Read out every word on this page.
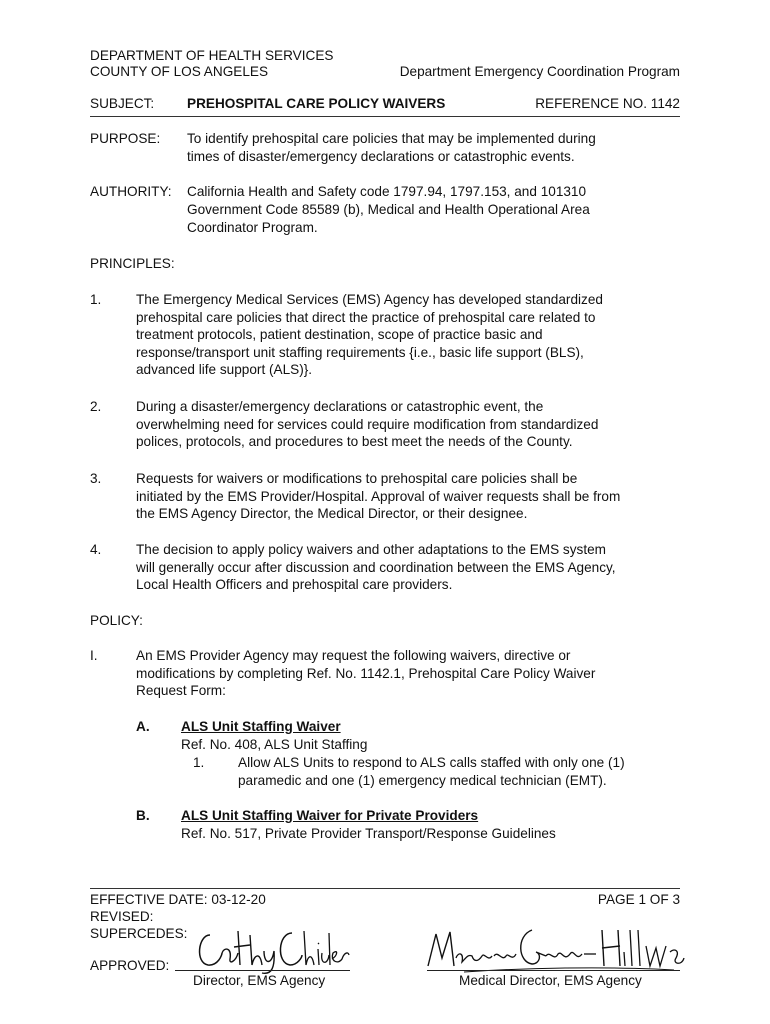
DEPARTMENT OF HEALTH SERVICES
COUNTY OF LOS ANGELES	Department Emergency Coordination Program
SUBJECT: PREHOSPITAL CARE POLICY WAIVERS	REFERENCE NO. 1142
PURPOSE: To identify prehospital care policies that may be implemented during
times of disaster/emergency declarations or catastrophic events.
AUTHORITY: California Health and Safety code 1797.94, 1797.153, and 101310
Government Code 85589 (b), Medical and Health Operational Area
Coordinator Program.
PRINCIPLES:
1.	The Emergency Medical Services (EMS) Agency has developed standardized
prehospital care policies that direct the practice of prehospital care related to
treatment protocols, patient destination, scope of practice basic and
response/transport unit staffing requirements {i.e., basic life support (BLS),
advanced life support (ALS)}.
2.	During a disaster/emergency declarations or catastrophic event, the
overwhelming need for services could require modification from standardized
polices, protocols, and procedures to best meet the needs of the County.
3.	Requests for waivers or modifications to prehospital care policies shall be
initiated by the EMS Provider/Hospital. Approval of waiver requests shall be from
the EMS Agency Director, the Medical Director, or their designee.
4.	The decision to apply policy waivers and other adaptations to the EMS system
will generally occur after discussion and coordination between the EMS Agency,
Local Health Officers and prehospital care providers.
POLICY:
I.	An EMS Provider Agency may request the following waivers, directive or
modifications by completing Ref. No. 1142.1, Prehospital Care Policy Waiver
Request Form:
A. ALS Unit Staffing Waiver
Ref. No. 408, ALS Unit Staffing
1. Allow ALS Units to respond to ALS calls staffed with only one (1)
paramedic and one (1) emergency medical technician (EMT).
B. ALS Unit Staffing Waiver for Private Providers
Ref. No. 517, Private Provider Transport/Response Guidelines
EFFECTIVE DATE: 03-12-20	PAGE 1 OF 3
REVISED:
SUPERCEDES:
APPROVED:
Director, EMS Agency	Medical Director, EMS Agency
